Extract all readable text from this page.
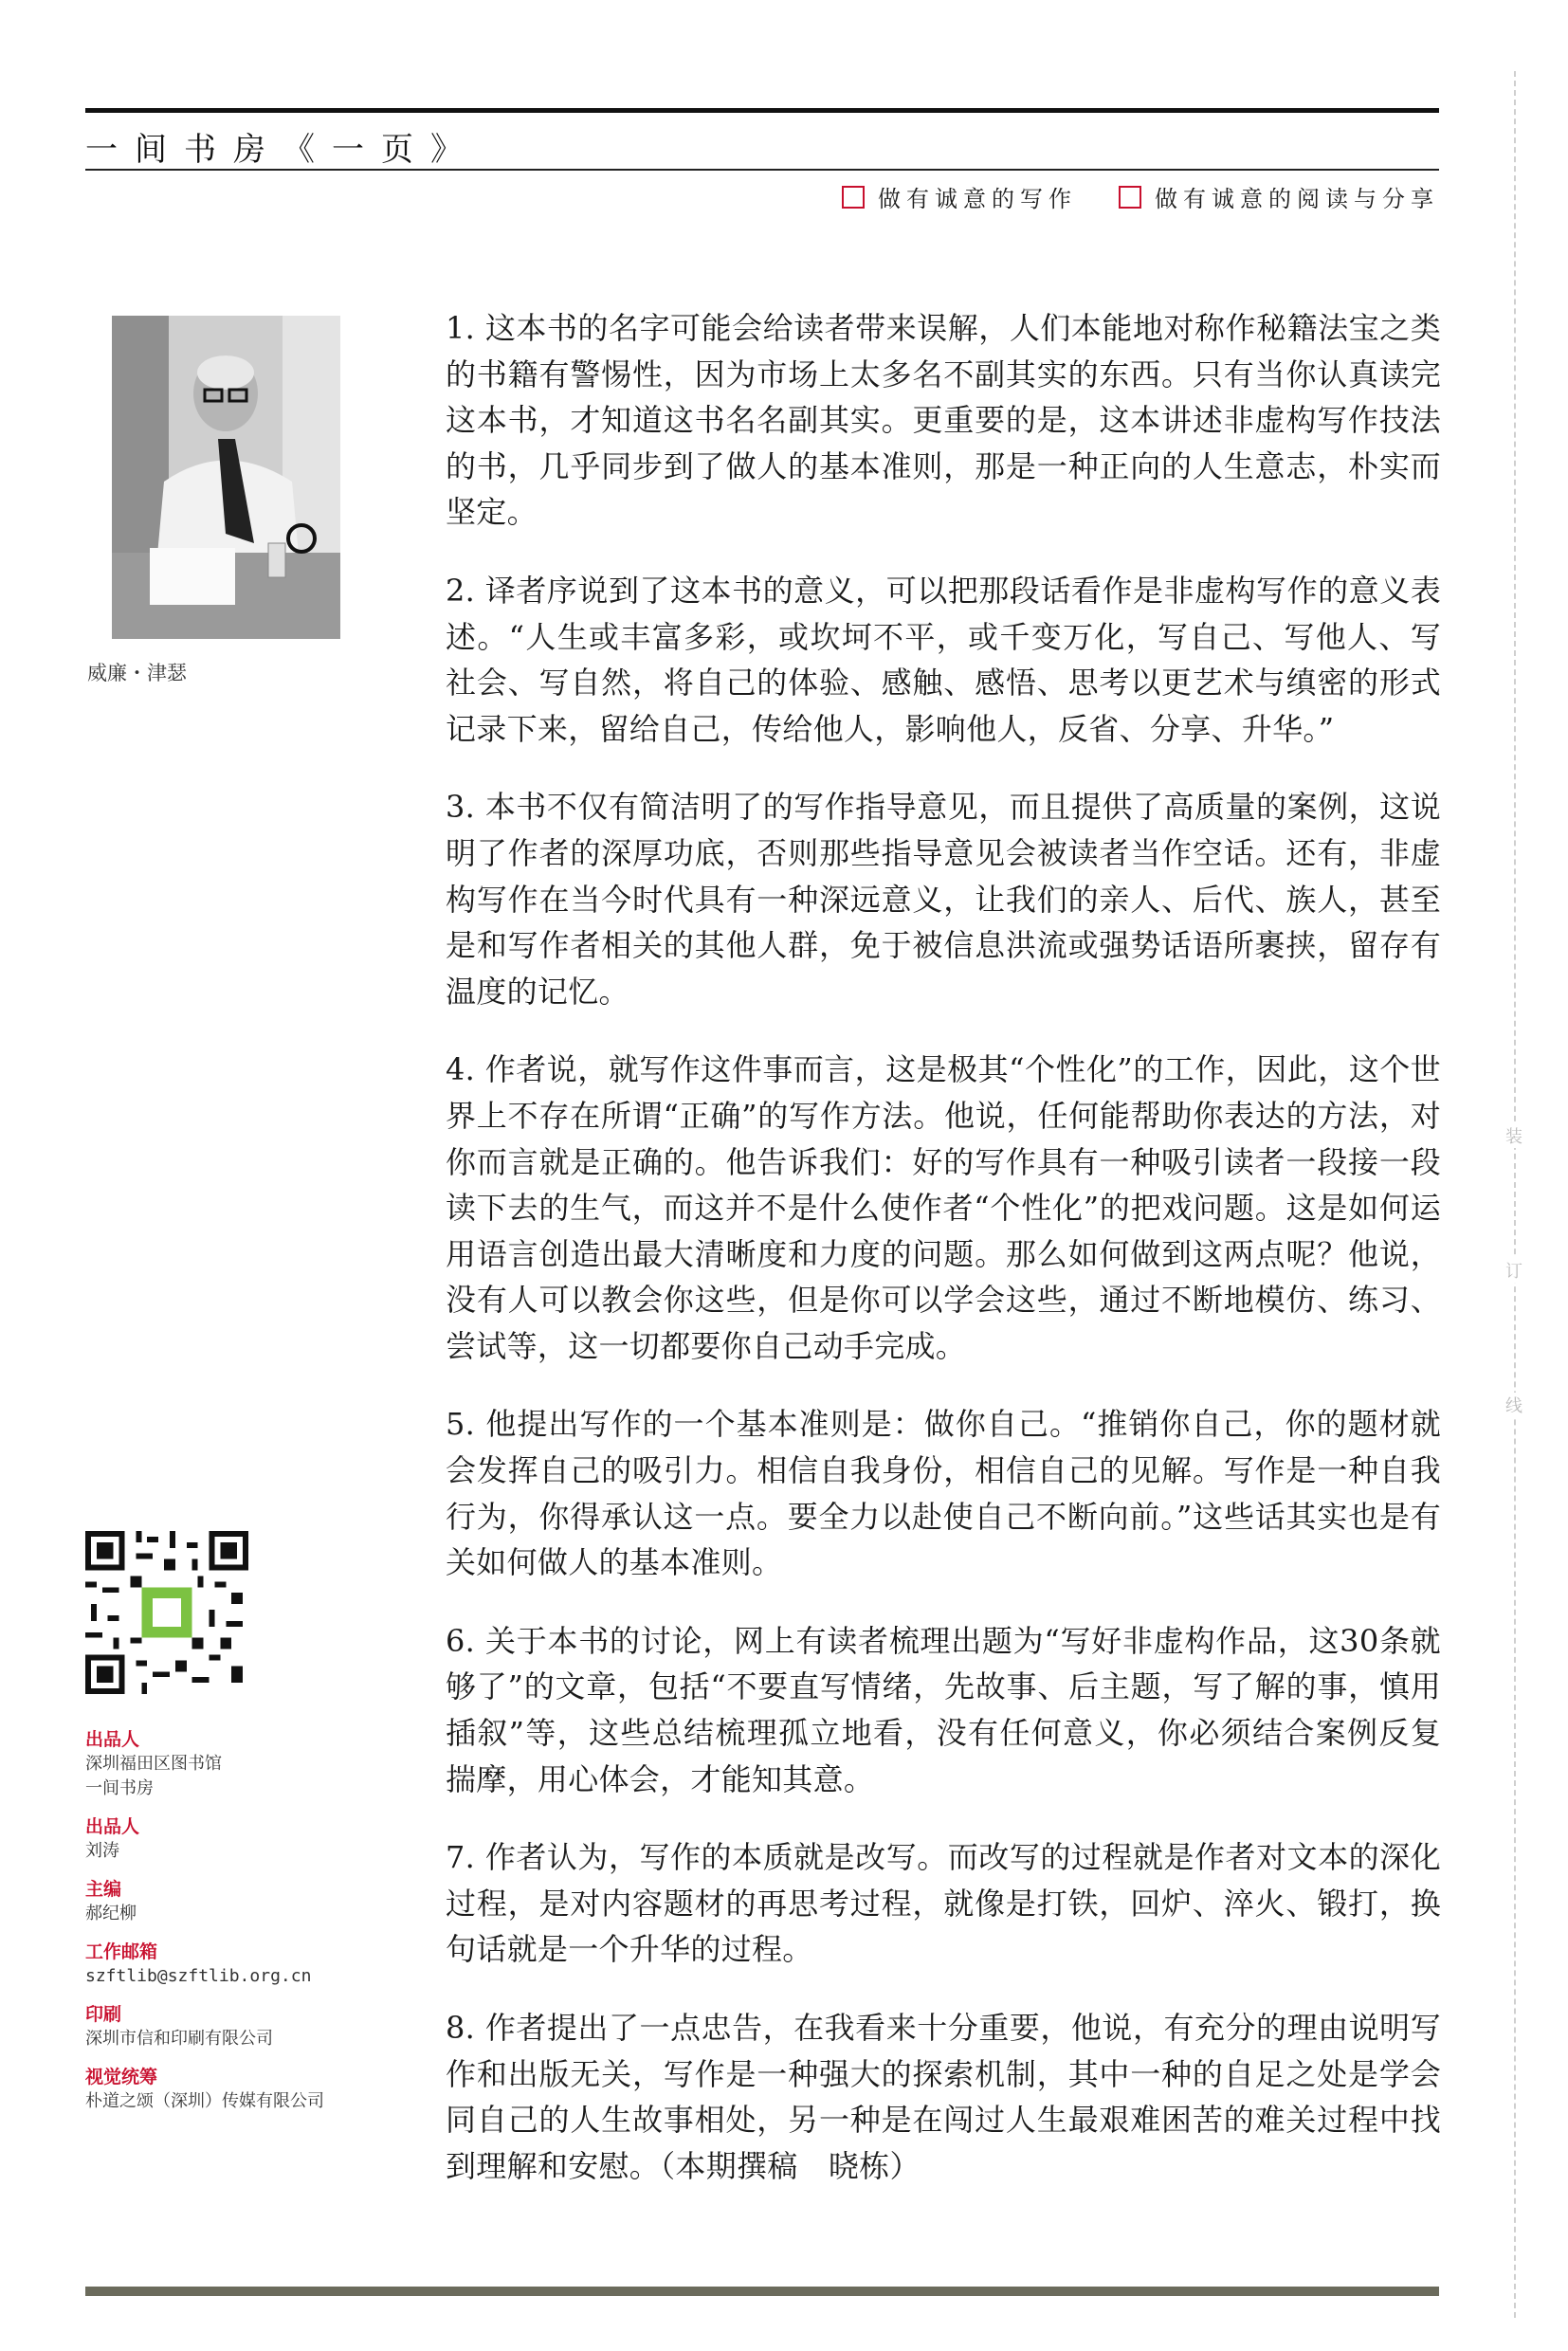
一间书房《一页》
做有诚意的写作	做有诚意的阅读与分享
威廉・津瑟

1. 这本书的名字可能会给读者带来误解，人们本能地对称作秘籍法宝之类的书籍有警惕性，因为市场上太多名不副其实的东西。只有当你认真读完这本书，才知道这书名名副其实。更重要的是，这本讲述非虚构写作技法的书，几乎同步到了做人的基本准则，那是一种正向的人生意志，朴实而坚定。

2. 译者序说到了这本书的意义，可以把那段话看作是非虚构写作的意义表述。“人生或丰富多彩，或坎坷不平，或千变万化，写自己、写他人、写社会、写自然，将自己的体验、感触、感悟、思考以更艺术与缜密的形式记录下来，留给自己，传给他人，影响他人，反省、分享、升华。”

3. 本书不仅有简洁明了的写作指导意见，而且提供了高质量的案例，这说明了作者的深厚功底，否则那些指导意见会被读者当作空话。还有，非虚构写作在当今时代具有一种深远意义，让我们的亲人、后代、族人，甚至是和写作者相关的其他人群，免于被信息洪流或强势话语所裹挟，留存有温度的记忆。

4. 作者说，就写作这件事而言，这是极其“个性化”的工作，因此，这个世界上不存在所谓“正确”的写作方法。他说，任何能帮助你表达的方法，对你而言就是正确的。他告诉我们：好的写作具有一种吸引读者一段接一段读下去的生气，而这并不是什么使作者“个性化”的把戏问题。这是如何运用语言创造出最大清晰度和力度的问题。那么如何做到这两点呢？他说，没有人可以教会你这些，但是你可以学会这些，通过不断地模仿、练习、尝试等，这一切都要你自己动手完成。

5. 他提出写作的一个基本准则是：做你自己。“推销你自己，你的题材就会发挥自己的吸引力。相信自我身份，相信自己的见解。写作是一种自我行为，你得承认这一点。要全力以赴使自己不断向前。”这些话其实也是有关如何做人的基本准则。

6. 关于本书的讨论，网上有读者梳理出题为“写好非虚构作品，这30条就够了”的文章，包括“不要直写情绪，先故事、后主题，写了解的事，慎用插叙”等，这些总结梳理孤立地看，没有任何意义，你必须结合案例反复揣摩，用心体会，才能知其意。

7. 作者认为，写作的本质就是改写。而改写的过程就是作者对文本的深化过程，是对内容题材的再思考过程，就像是打铁，回炉、淬火、锻打，换句话就是一个升华的过程。

8. 作者提出了一点忠告，在我看来十分重要，他说，有充分的理由说明写作和出版无关，写作是一种强大的探索机制，其中一种的自足之处是学会同自己的人生故事相处，另一种是在闯过人生最艰难困苦的难关过程中找到理解和安慰。（本期撰稿　晓栋）

出品人
深圳福田区图书馆
一间书房
出品人
刘涛
主编
郝纪柳
工作邮箱
szftlib@szftlib.org.cn
印刷
深圳市信和印刷有限公司
视觉统筹
朴道之颂（深圳）传媒有限公司
装
订
线
